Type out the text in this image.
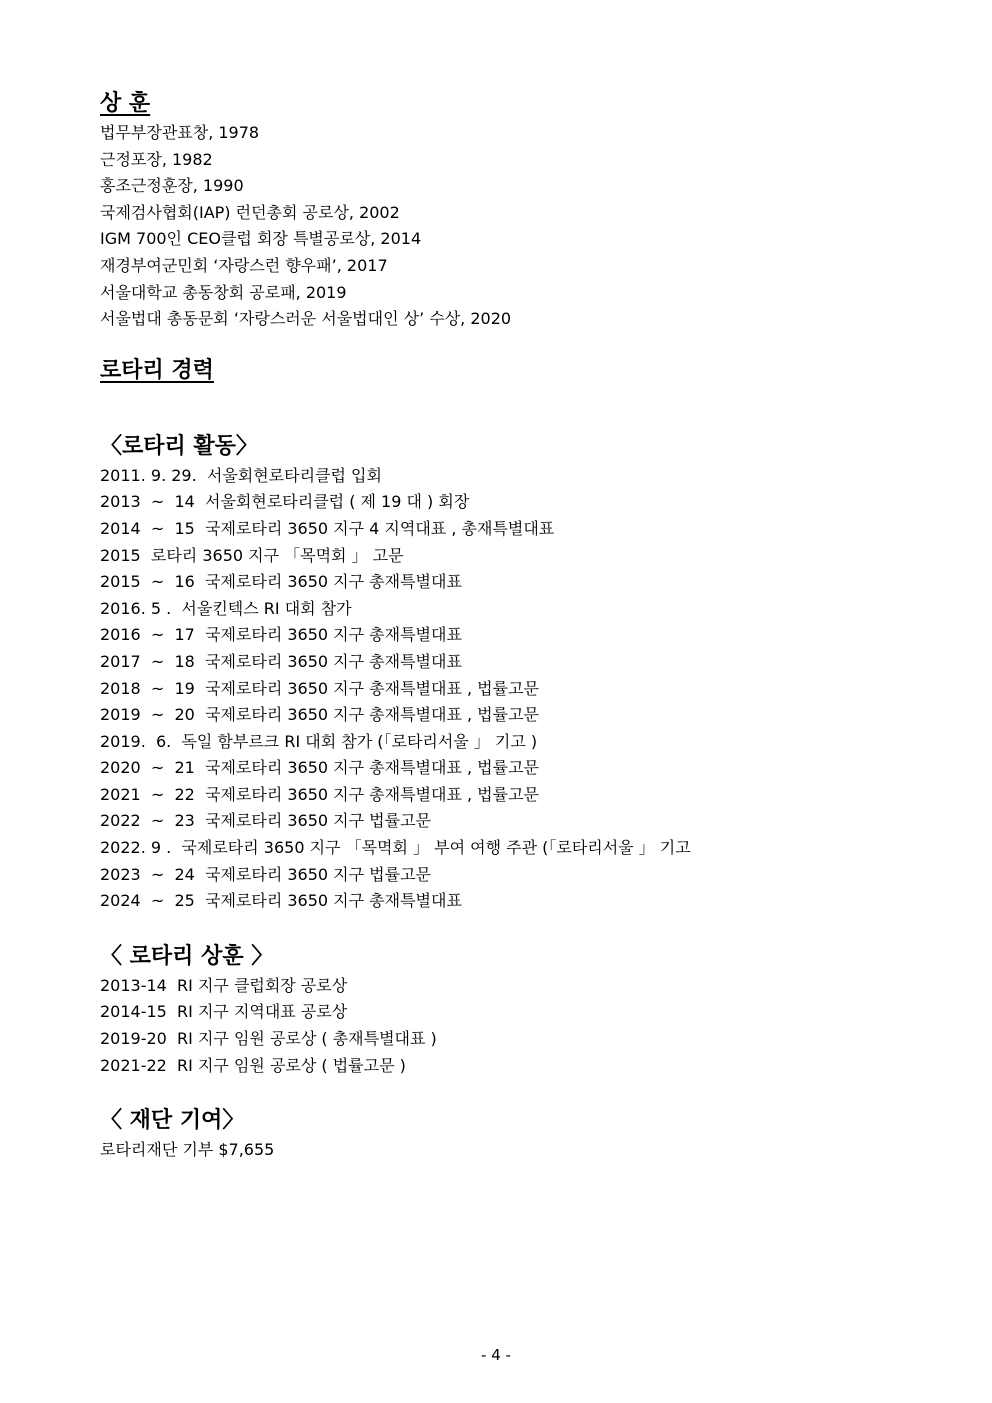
상 훈

법무부장관표창, 1978

근정포장, 1982

홍조근정훈장, 1990

국제검사협회(IAP) 런던총회 공로상, 2002

IGM 700인 CEO클럽 회장 특별공로상, 2014

재경부여군민회 ‘자랑스런 향우패’, 2017

서울대학교 총동창회 공로패, 2019

서울법대 총동문회 ‘자랑스러운 서울법대인 상’ 수상, 2020

로타리 경력
〈로타리 활동〉

2011. 9. 29.  서울회현로타리클럽 입회

2013  ~  14  서울회현로타리클럽 ( 제 19 대 ) 회장

2014  ~  15  국제로타리 3650 지구 4 지역대표 , 총재특별대표

2015  로타리 3650 지구 「목멱회 」 고문

2015  ~  16  국제로타리 3650 지구 총재특별대표

2016. 5 .  서울킨텍스 RI 대회 참가

2016  ~  17  국제로타리 3650 지구 총재특별대표

2017  ~  18  국제로타리 3650 지구 총재특별대표

2018  ~  19  국제로타리 3650 지구 총재특별대표 , 법률고문

2019  ~  20  국제로타리 3650 지구 총재특별대표 , 법률고문

2019.  6.  독일 함부르크 RI 대회 참가 (「로타리서울 」 기고 )

2020  ~  21  국제로타리 3650 지구 총재특별대표 , 법률고문

2021  ~  22  국제로타리 3650 지구 총재특별대표 , 법률고문

2022  ~  23  국제로타리 3650 지구 법률고문

2022. 9 .  국제로타리 3650 지구 「목멱회 」 부여 여행 주관 (「로타리서울 」 기고

2023  ~  24  국제로타리 3650 지구 법률고문

2024  ~  25  국제로타리 3650 지구 총재특별대표

〈 로타리 상훈 〉

2013-14  RI 지구 클럽회장 공로상

2014-15  RI 지구 지역대표 공로상

2019-20  RI 지구 임원 공로상 ( 총재특별대표 )

2021-22  RI 지구 임원 공로상 ( 법률고문 )

〈 재단 기여〉

로타리재단 기부 $7,655

- 4 -
